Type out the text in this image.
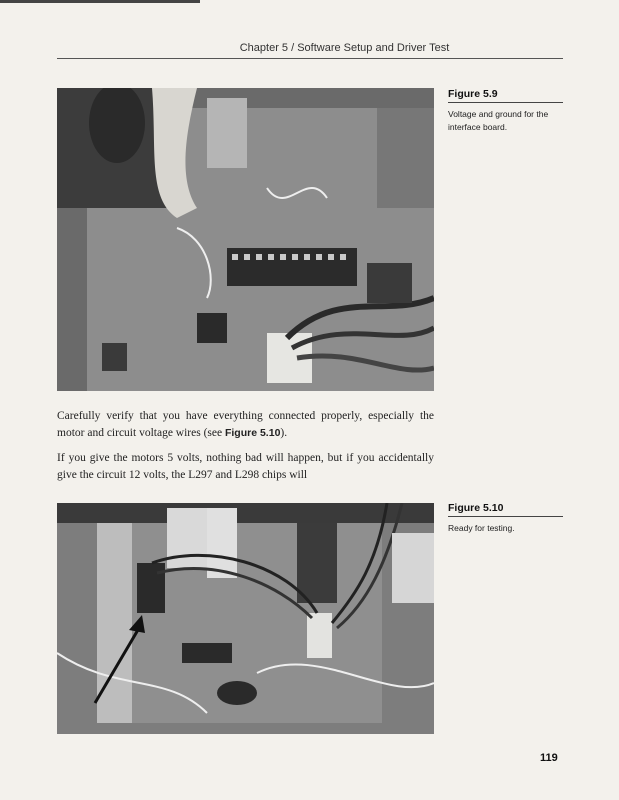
Chapter 5 / Software Setup and Driver Test
Figure 5.9
Voltage and ground for the interface board.

Carefully verify that you have everything connected properly, especially the motor and circuit voltage wires (see Figure 5.10).

If you give the motors 5 volts, nothing bad will happen, but if you accidentally give the circuit 12 volts, the L297 and L298 chips will

Figure 5.10
Ready for testing.
119
